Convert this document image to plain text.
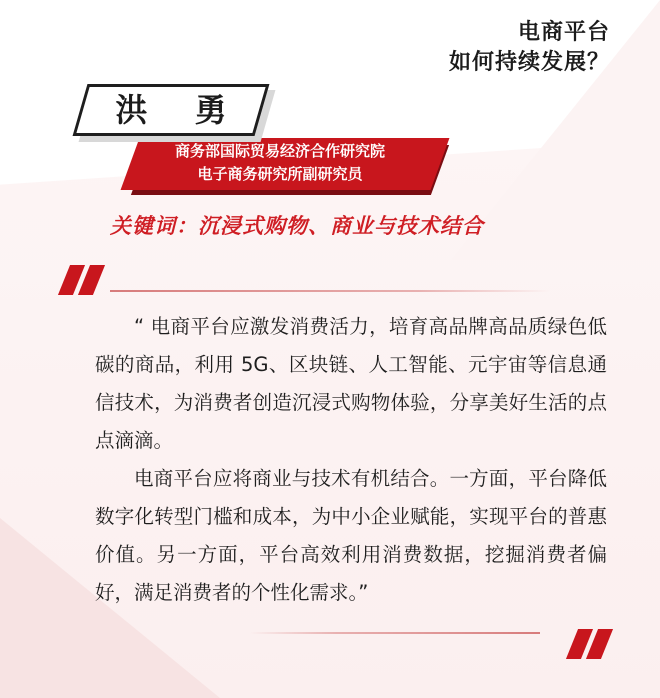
电商平台
如何持续发展？
商务部国际贸易经济合作研究院
电子商务研究所副研究员
洪 勇
关键词：沉浸式购物、商业与技术结合

“ 电商平台应激发消费活力，培育高品牌高品质绿色低碳的商品，利用 5G、区块链、人工智能、元宇宙等信息通信技术，为消费者创造沉浸式购物体验，分享美好生活的点点滴滴。

电商平台应将商业与技术有机结合。一方面，平台降低数字化转型门槛和成本，为中小企业赋能，实现平台的普惠价值。另一方面，平台高效利用消费数据，挖掘消费者偏好，满足消费者的个性化需求。”
